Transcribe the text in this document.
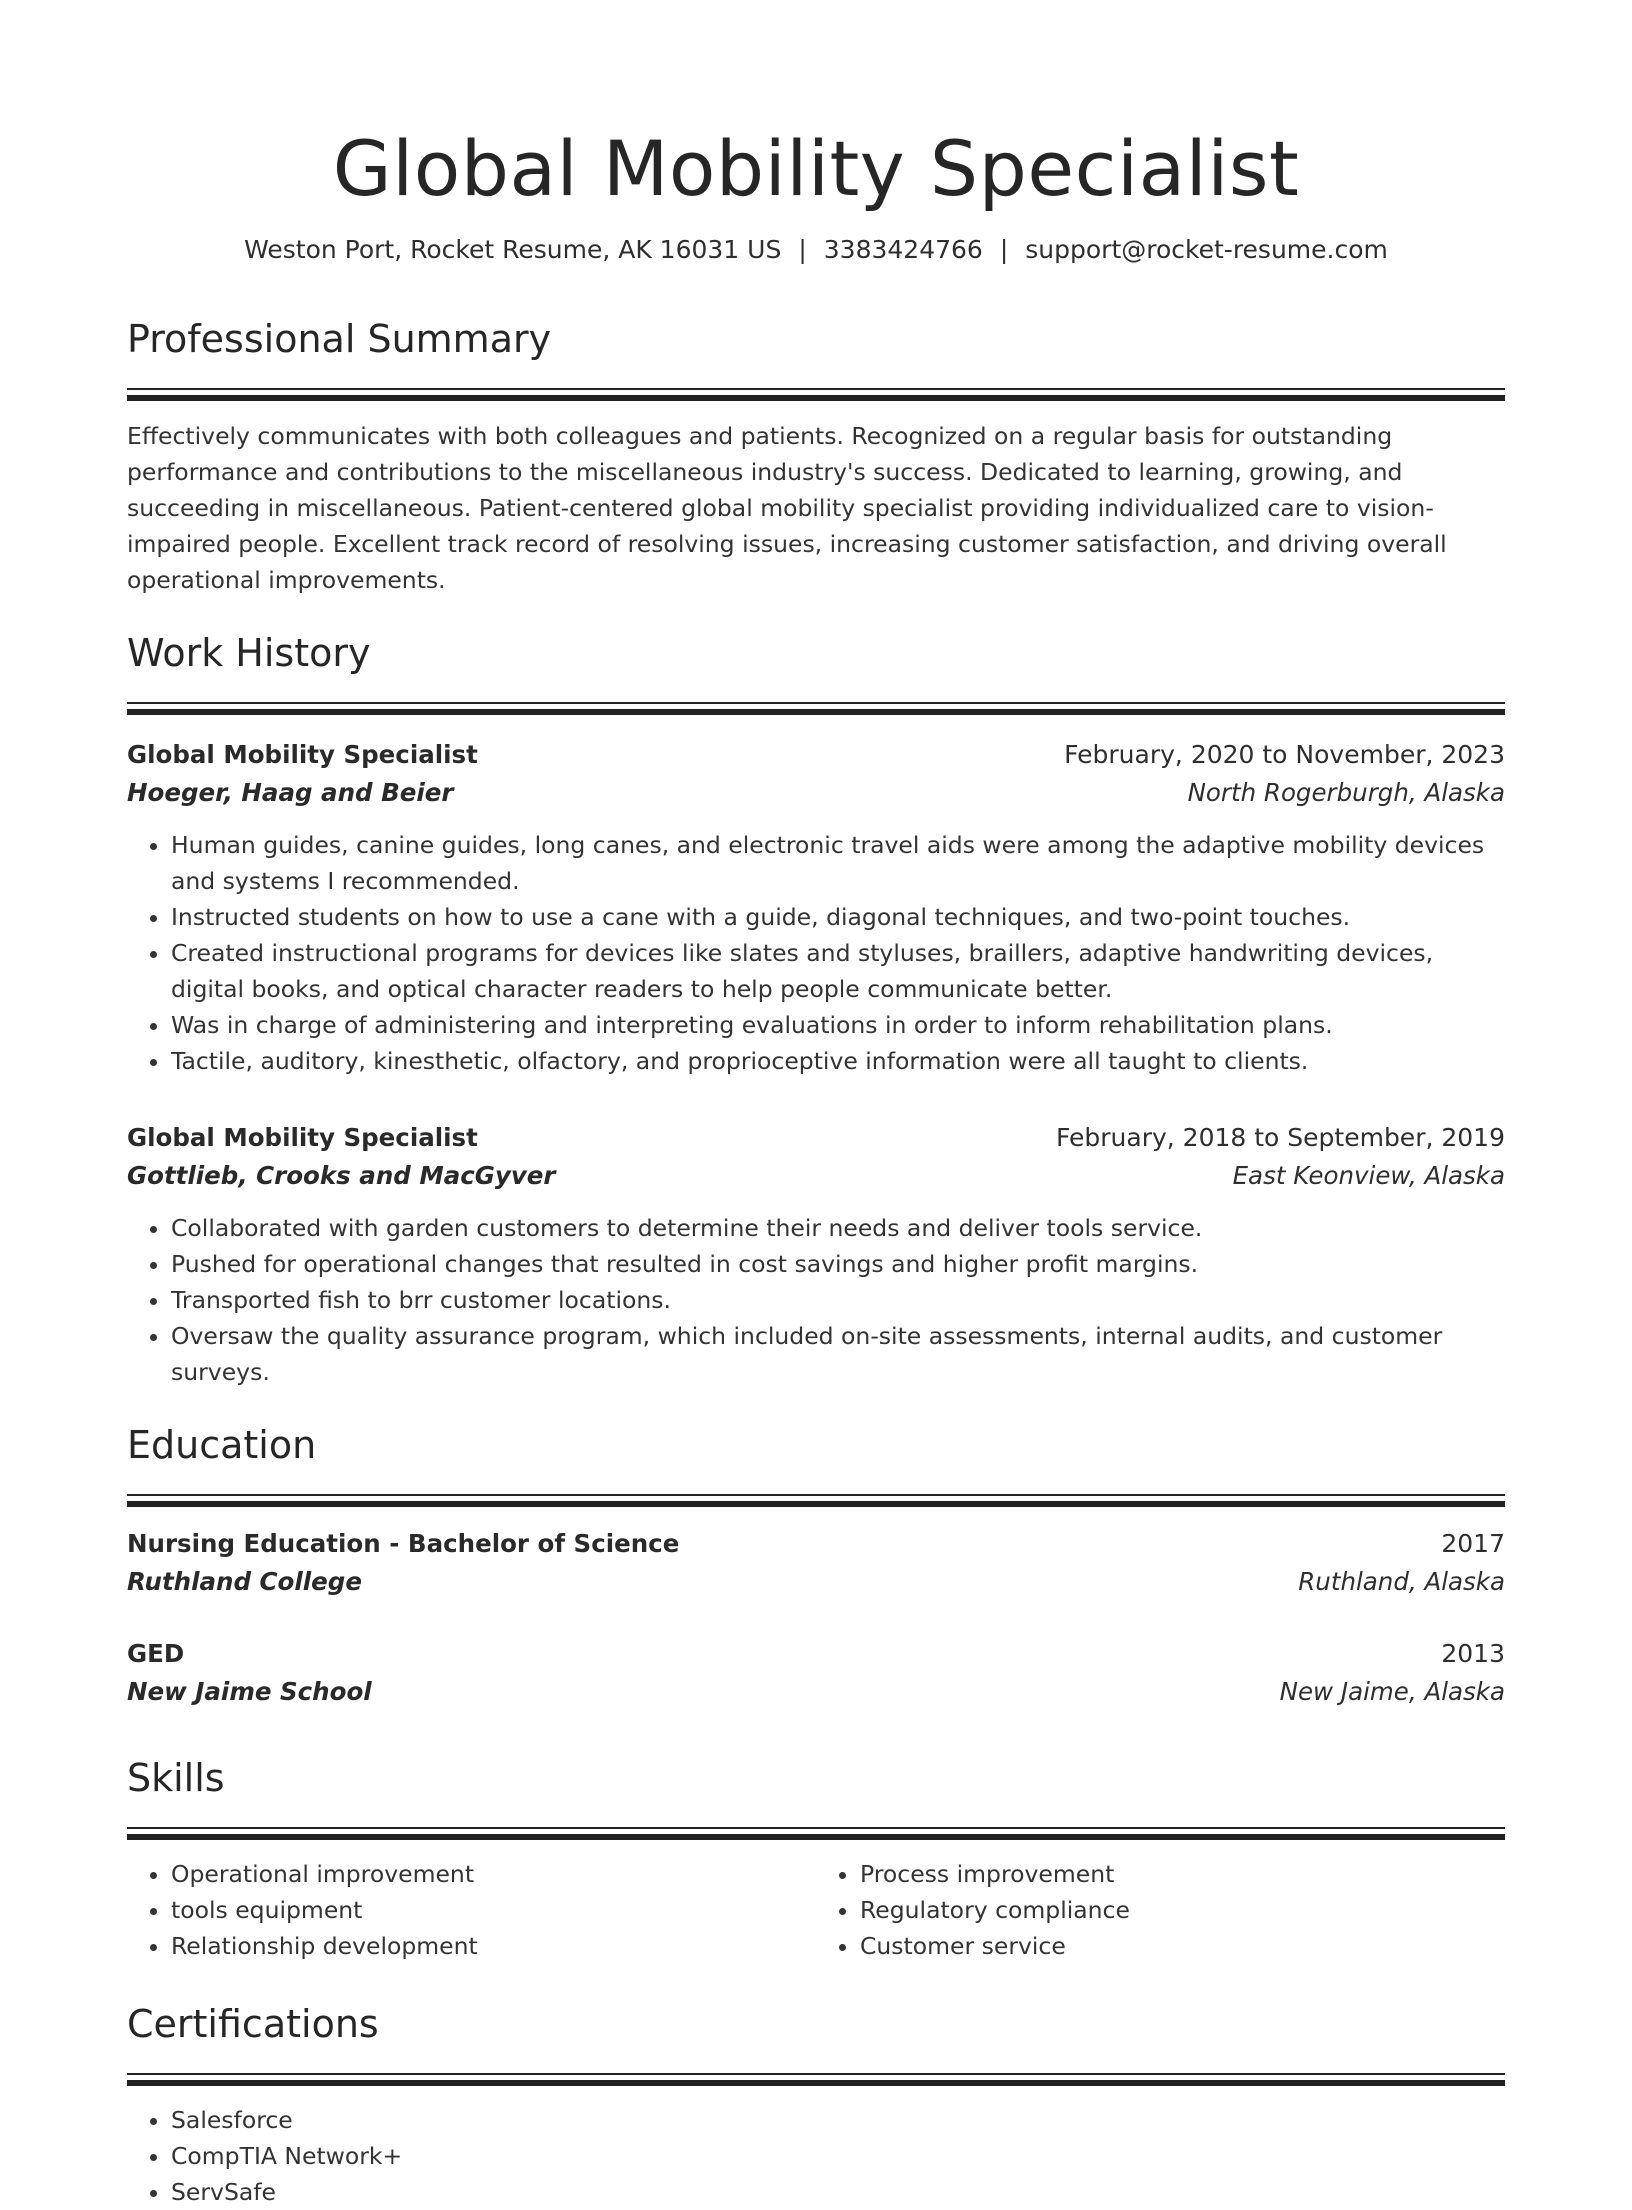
Global Mobility Specialist
Weston Port, Rocket Resume, AK 16031 US | 3383424766 | support@rocket-resume.com
Professional Summary

Effectively communicates with both colleagues and patients. Recognized on a regular basis for outstanding performance and contributions to the miscellaneous industry's success. Dedicated to learning, growing, and succeeding in miscellaneous. Patient-centered global mobility specialist providing individualized care to vision-impaired people. Excellent track record of resolving issues, increasing customer satisfaction, and driving overall operational improvements.

Work History
Global Mobility Specialist	February, 2020 to November, 2023
Hoeger, Haag and Beier	North Rogerburgh, Alaska
• Human guides, canine guides, long canes, and electronic travel aids were among the adaptive mobility devices and systems I recommended.
• Instructed students on how to use a cane with a guide, diagonal techniques, and two-point touches.
• Created instructional programs for devices like slates and styluses, braillers, adaptive handwriting devices, digital books, and optical character readers to help people communicate better.
• Was in charge of administering and interpreting evaluations in order to inform rehabilitation plans.
• Tactile, auditory, kinesthetic, olfactory, and proprioceptive information were all taught to clients.
Global Mobility Specialist	February, 2018 to September, 2019
Gottlieb, Crooks and MacGyver	East Keonview, Alaska
• Collaborated with garden customers to determine their needs and deliver tools service.
• Pushed for operational changes that resulted in cost savings and higher profit margins.
• Transported fish to brr customer locations.
• Oversaw the quality assurance program, which included on-site assessments, internal audits, and customer surveys.
Education
Nursing Education - Bachelor of Science	2017
Ruthland College	Ruthland, Alaska
GED	2013
New Jaime School	New Jaime, Alaska
Skills
• Operational improvement
• tools equipment
• Relationship development
• Process improvement
• Regulatory compliance
• Customer service
Certifications
• Salesforce
• CompTIA Network+
• ServSafe
